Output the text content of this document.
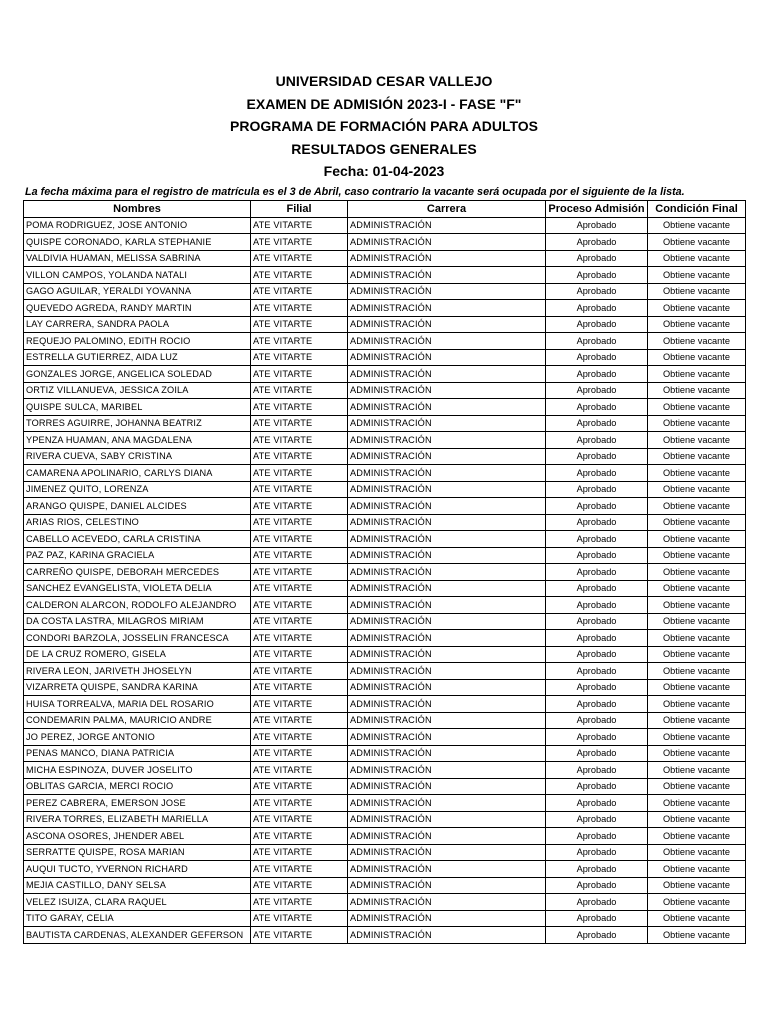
UNIVERSIDAD CESAR VALLEJO
EXAMEN DE ADMISIÓN 2023-I - FASE "F"
PROGRAMA DE FORMACIÓN PARA ADULTOS
RESULTADOS GENERALES
Fecha: 01-04-2023
La fecha máxima para el registro de matrícula es el 3 de Abril, caso contrario la vacante será ocupada por el siguiente de la lista.
Nombres	Filial	Carrera	Proceso Admisión	Condición Final
POMA RODRIGUEZ, JOSE ANTONIO	ATE VITARTE	ADMINISTRACIÓN	Aprobado	Obtiene vacante
QUISPE CORONADO, KARLA STEPHANIE	ATE VITARTE	ADMINISTRACIÓN	Aprobado	Obtiene vacante
VALDIVIA HUAMAN, MELISSA SABRINA	ATE VITARTE	ADMINISTRACIÓN	Aprobado	Obtiene vacante
VILLON CAMPOS, YOLANDA NATALI	ATE VITARTE	ADMINISTRACIÓN	Aprobado	Obtiene vacante
GAGO AGUILAR, YERALDI YOVANNA	ATE VITARTE	ADMINISTRACIÓN	Aprobado	Obtiene vacante
QUEVEDO AGREDA, RANDY MARTIN	ATE VITARTE	ADMINISTRACIÓN	Aprobado	Obtiene vacante
LAY CARRERA, SANDRA PAOLA	ATE VITARTE	ADMINISTRACIÓN	Aprobado	Obtiene vacante
REQUEJO PALOMINO, EDITH ROCIO	ATE VITARTE	ADMINISTRACIÓN	Aprobado	Obtiene vacante
ESTRELLA GUTIERREZ, AIDA LUZ	ATE VITARTE	ADMINISTRACIÓN	Aprobado	Obtiene vacante
GONZALES JORGE, ANGELICA SOLEDAD	ATE VITARTE	ADMINISTRACIÓN	Aprobado	Obtiene vacante
ORTIZ VILLANUEVA, JESSICA ZOILA	ATE VITARTE	ADMINISTRACIÓN	Aprobado	Obtiene vacante
QUISPE SULCA, MARIBEL	ATE VITARTE	ADMINISTRACIÓN	Aprobado	Obtiene vacante
TORRES AGUIRRE, JOHANNA BEATRIZ	ATE VITARTE	ADMINISTRACIÓN	Aprobado	Obtiene vacante
YPENZA HUAMAN, ANA MAGDALENA	ATE VITARTE	ADMINISTRACIÓN	Aprobado	Obtiene vacante
RIVERA CUEVA, SABY CRISTINA	ATE VITARTE	ADMINISTRACIÓN	Aprobado	Obtiene vacante
CAMARENA APOLINARIO, CARLYS DIANA	ATE VITARTE	ADMINISTRACIÓN	Aprobado	Obtiene vacante
JIMENEZ QUITO, LORENZA	ATE VITARTE	ADMINISTRACIÓN	Aprobado	Obtiene vacante
ARANGO QUISPE, DANIEL ALCIDES	ATE VITARTE	ADMINISTRACIÓN	Aprobado	Obtiene vacante
ARIAS RIOS, CELESTINO	ATE VITARTE	ADMINISTRACIÓN	Aprobado	Obtiene vacante
CABELLO ACEVEDO, CARLA CRISTINA	ATE VITARTE	ADMINISTRACIÓN	Aprobado	Obtiene vacante
PAZ PAZ, KARINA GRACIELA	ATE VITARTE	ADMINISTRACIÓN	Aprobado	Obtiene vacante
CARREÑO QUISPE, DEBORAH MERCEDES	ATE VITARTE	ADMINISTRACIÓN	Aprobado	Obtiene vacante
SANCHEZ EVANGELISTA, VIOLETA DELIA	ATE VITARTE	ADMINISTRACIÓN	Aprobado	Obtiene vacante
CALDERON ALARCON, RODOLFO ALEJANDRO	ATE VITARTE	ADMINISTRACIÓN	Aprobado	Obtiene vacante
DA COSTA LASTRA, MILAGROS MIRIAM	ATE VITARTE	ADMINISTRACIÓN	Aprobado	Obtiene vacante
CONDORI BARZOLA, JOSSELIN FRANCESCA	ATE VITARTE	ADMINISTRACIÓN	Aprobado	Obtiene vacante
DE LA CRUZ ROMERO, GISELA	ATE VITARTE	ADMINISTRACIÓN	Aprobado	Obtiene vacante
RIVERA LEON, JARIVETH JHOSELYN	ATE VITARTE	ADMINISTRACIÓN	Aprobado	Obtiene vacante
VIZARRETA QUISPE, SANDRA KARINA	ATE VITARTE	ADMINISTRACIÓN	Aprobado	Obtiene vacante
HUISA TORREALVA, MARIA DEL ROSARIO	ATE VITARTE	ADMINISTRACIÓN	Aprobado	Obtiene vacante
CONDEMARIN PALMA, MAURICIO ANDRE	ATE VITARTE	ADMINISTRACIÓN	Aprobado	Obtiene vacante
JO PEREZ, JORGE ANTONIO	ATE VITARTE	ADMINISTRACIÓN	Aprobado	Obtiene vacante
PENAS MANCO, DIANA PATRICIA	ATE VITARTE	ADMINISTRACIÓN	Aprobado	Obtiene vacante
MICHA ESPINOZA, DUVER JOSELITO	ATE VITARTE	ADMINISTRACIÓN	Aprobado	Obtiene vacante
OBLITAS GARCIA, MERCI ROCIO	ATE VITARTE	ADMINISTRACIÓN	Aprobado	Obtiene vacante
PEREZ CABRERA, EMERSON JOSE	ATE VITARTE	ADMINISTRACIÓN	Aprobado	Obtiene vacante
RIVERA TORRES, ELIZABETH MARIELLA	ATE VITARTE	ADMINISTRACIÓN	Aprobado	Obtiene vacante
ASCONA OSORES, JHENDER ABEL	ATE VITARTE	ADMINISTRACIÓN	Aprobado	Obtiene vacante
SERRATTE QUISPE, ROSA MARIAN	ATE VITARTE	ADMINISTRACIÓN	Aprobado	Obtiene vacante
AUQUI TUCTO, YVERNON RICHARD	ATE VITARTE	ADMINISTRACIÓN	Aprobado	Obtiene vacante
MEJIA CASTILLO, DANY SELSA	ATE VITARTE	ADMINISTRACIÓN	Aprobado	Obtiene vacante
VELEZ ISUIZA, CLARA RAQUEL	ATE VITARTE	ADMINISTRACIÓN	Aprobado	Obtiene vacante
TITO GARAY, CELIA	ATE VITARTE	ADMINISTRACIÓN	Aprobado	Obtiene vacante
BAUTISTA CARDENAS, ALEXANDER GEFERSON	ATE VITARTE	ADMINISTRACIÓN	Aprobado	Obtiene vacante
